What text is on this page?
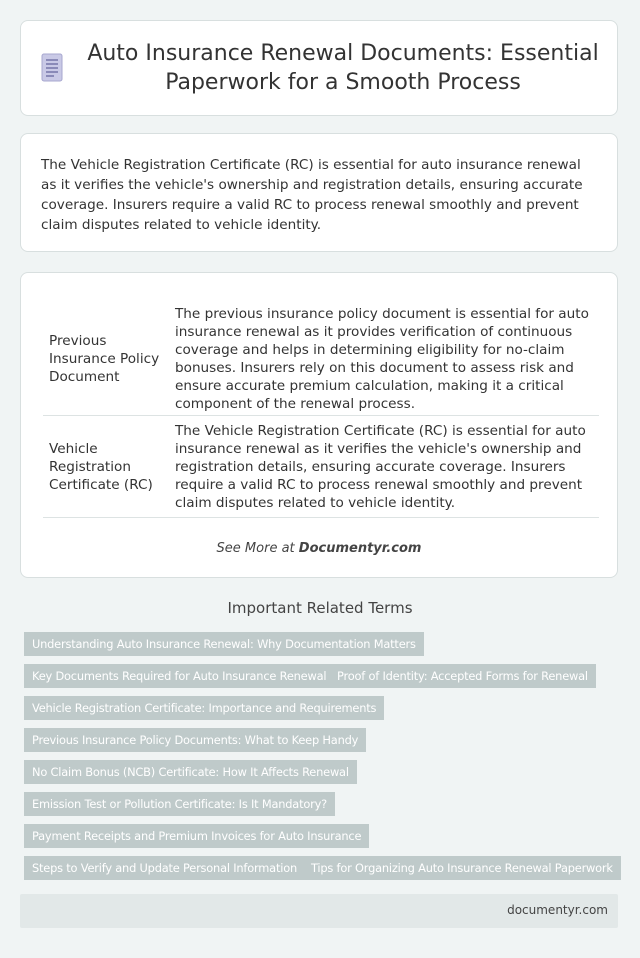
Auto Insurance Renewal Documents: Essential Paperwork for a Smooth Process

The Vehicle Registration Certificate (RC) is essential for auto insurance renewal as it verifies the vehicle's ownership and registration details, ensuring accurate coverage. Insurers require a valid RC to process renewal smoothly and prevent claim disputes related to vehicle identity.

Previous Insurance Policy Document	The previous insurance policy document is essential for auto insurance renewal as it provides verification of continuous coverage and helps in determining eligibility for no-claim bonuses. Insurers rely on this document to assess risk and ensure accurate premium calculation, making it a critical component of the renewal process.
Vehicle Registration Certificate (RC)	The Vehicle Registration Certificate (RC) is essential for auto insurance renewal as it verifies the vehicle's ownership and registration details, ensuring accurate coverage. Insurers require a valid RC to process renewal smoothly and prevent claim disputes related to vehicle identity.
See More at Documentyr.com
Important Related Terms
Understanding Auto Insurance Renewal: Why Documentation Matters
Key Documents Required for Auto Insurance Renewal Proof of Identity: Accepted Forms for Renewal
Vehicle Registration Certificate: Importance and Requirements
Previous Insurance Policy Documents: What to Keep Handy
No Claim Bonus (NCB) Certificate: How It Affects Renewal
Emission Test or Pollution Certificate: Is It Mandatory?
Payment Receipts and Premium Invoices for Auto Insurance
Steps to Verify and Update Personal Information	Tips for Organizing Auto Insurance Renewal Paperwork
documentyr.com
